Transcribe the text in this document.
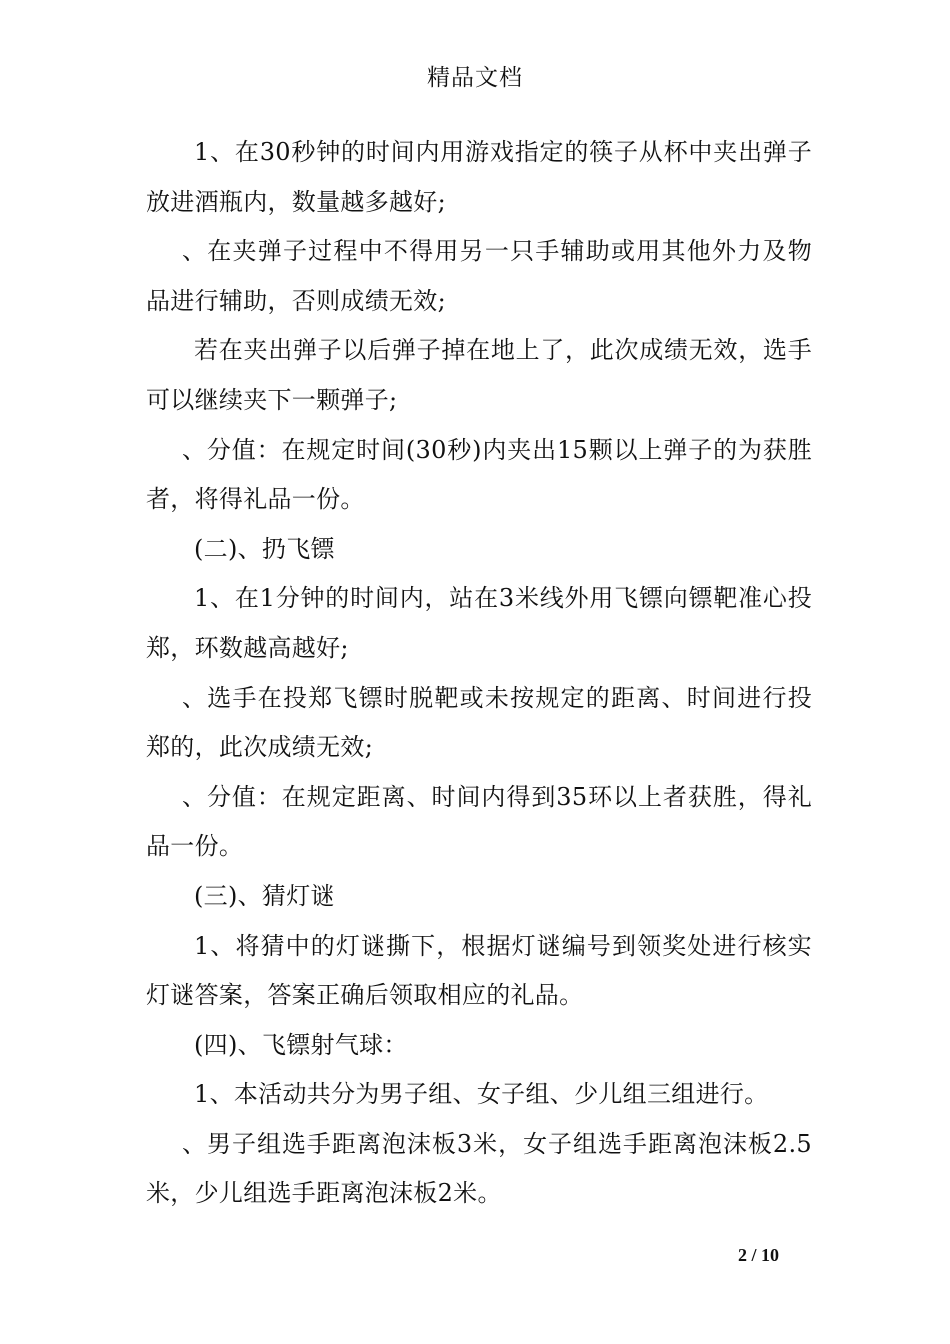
精品文档

1、在30秒钟的时间内用游戏指定的筷子从杯中夹出弹子放进酒瓶内，数量越多越好;

、在夹弹子过程中不得用另一只手辅助或用其他外力及物品进行辅助，否则成绩无效;

若在夹出弹子以后弹子掉在地上了，此次成绩无效，选手可以继续夹下一颗弹子;

、分值：在规定时间(30秒)内夹出15颗以上弹子的为获胜者，将得礼品一份。

(二)、扔飞镖

1、在1分钟的时间内，站在3米线外用飞镖向镖靶准心投郑，环数越高越好;

、选手在投郑飞镖时脱靶或未按规定的距离、时间进行投郑的，此次成绩无效;

、分值：在规定距离、时间内得到35环以上者获胜，得礼品一份。

(三)、猜灯谜

1、将猜中的灯谜撕下，根据灯谜编号到领奖处进行核实灯谜答案，答案正确后领取相应的礼品。

(四)、飞镖射气球：

1、本活动共分为男子组、女子组、少儿组三组进行。

、男子组选手距离泡沫板3米，女子组选手距离泡沫板2.5米，少儿组选手距离泡沫板2米。

2 / 10
